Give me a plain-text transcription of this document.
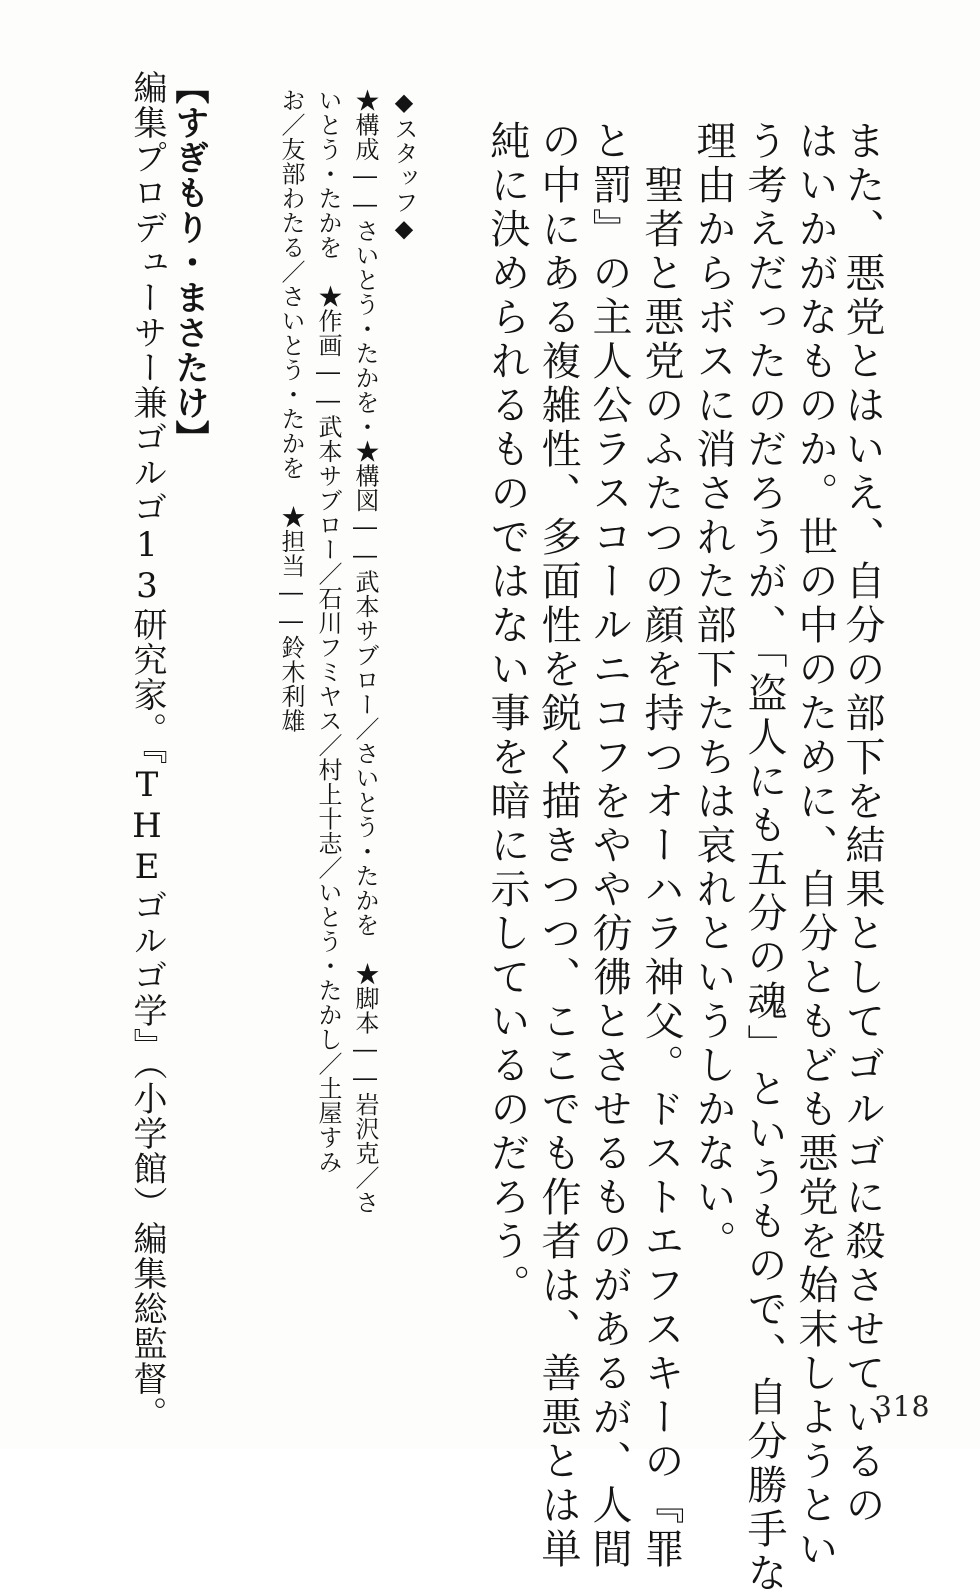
また、悪党とはいえ、自分の部下を結果としてゴルゴに殺させているの
はいかがなものか。世の中のために、自分ともども悪党を始末しようとい
う考えだったのだろうが、「盗人にも五分の魂」というもので、自分勝手な
理由からボスに消された部下たちは哀れというしかない。
　聖者と悪党のふたつの顔を持つオーハラ神父。ドストエフスキーの『罪
と罰』の主人公ラスコールニコフをやや彷彿とさせるものがあるが、人間
の中にある複雑性、多面性を鋭く描きつつ、ここでも作者は、善悪とは単
純に決められるものではない事を暗に示しているのだろう。
◆スタッフ◆
★構成――さいとう・たかを・★構図――武本サブロー／さいとう・たかを　★脚本――岩沢克／さ
いとう・たかを　★作画――武本サブロー／石川フミヤス／村上十志／いとう・たかし／土屋すみ
お／友部わたる／さいとう・たかを　★担当――鈴木利雄
【すぎもり・まさたけ】
編集プロデューサー兼ゴルゴ13研究家。『THEゴルゴ学』（小学館）編集総監督。	318
